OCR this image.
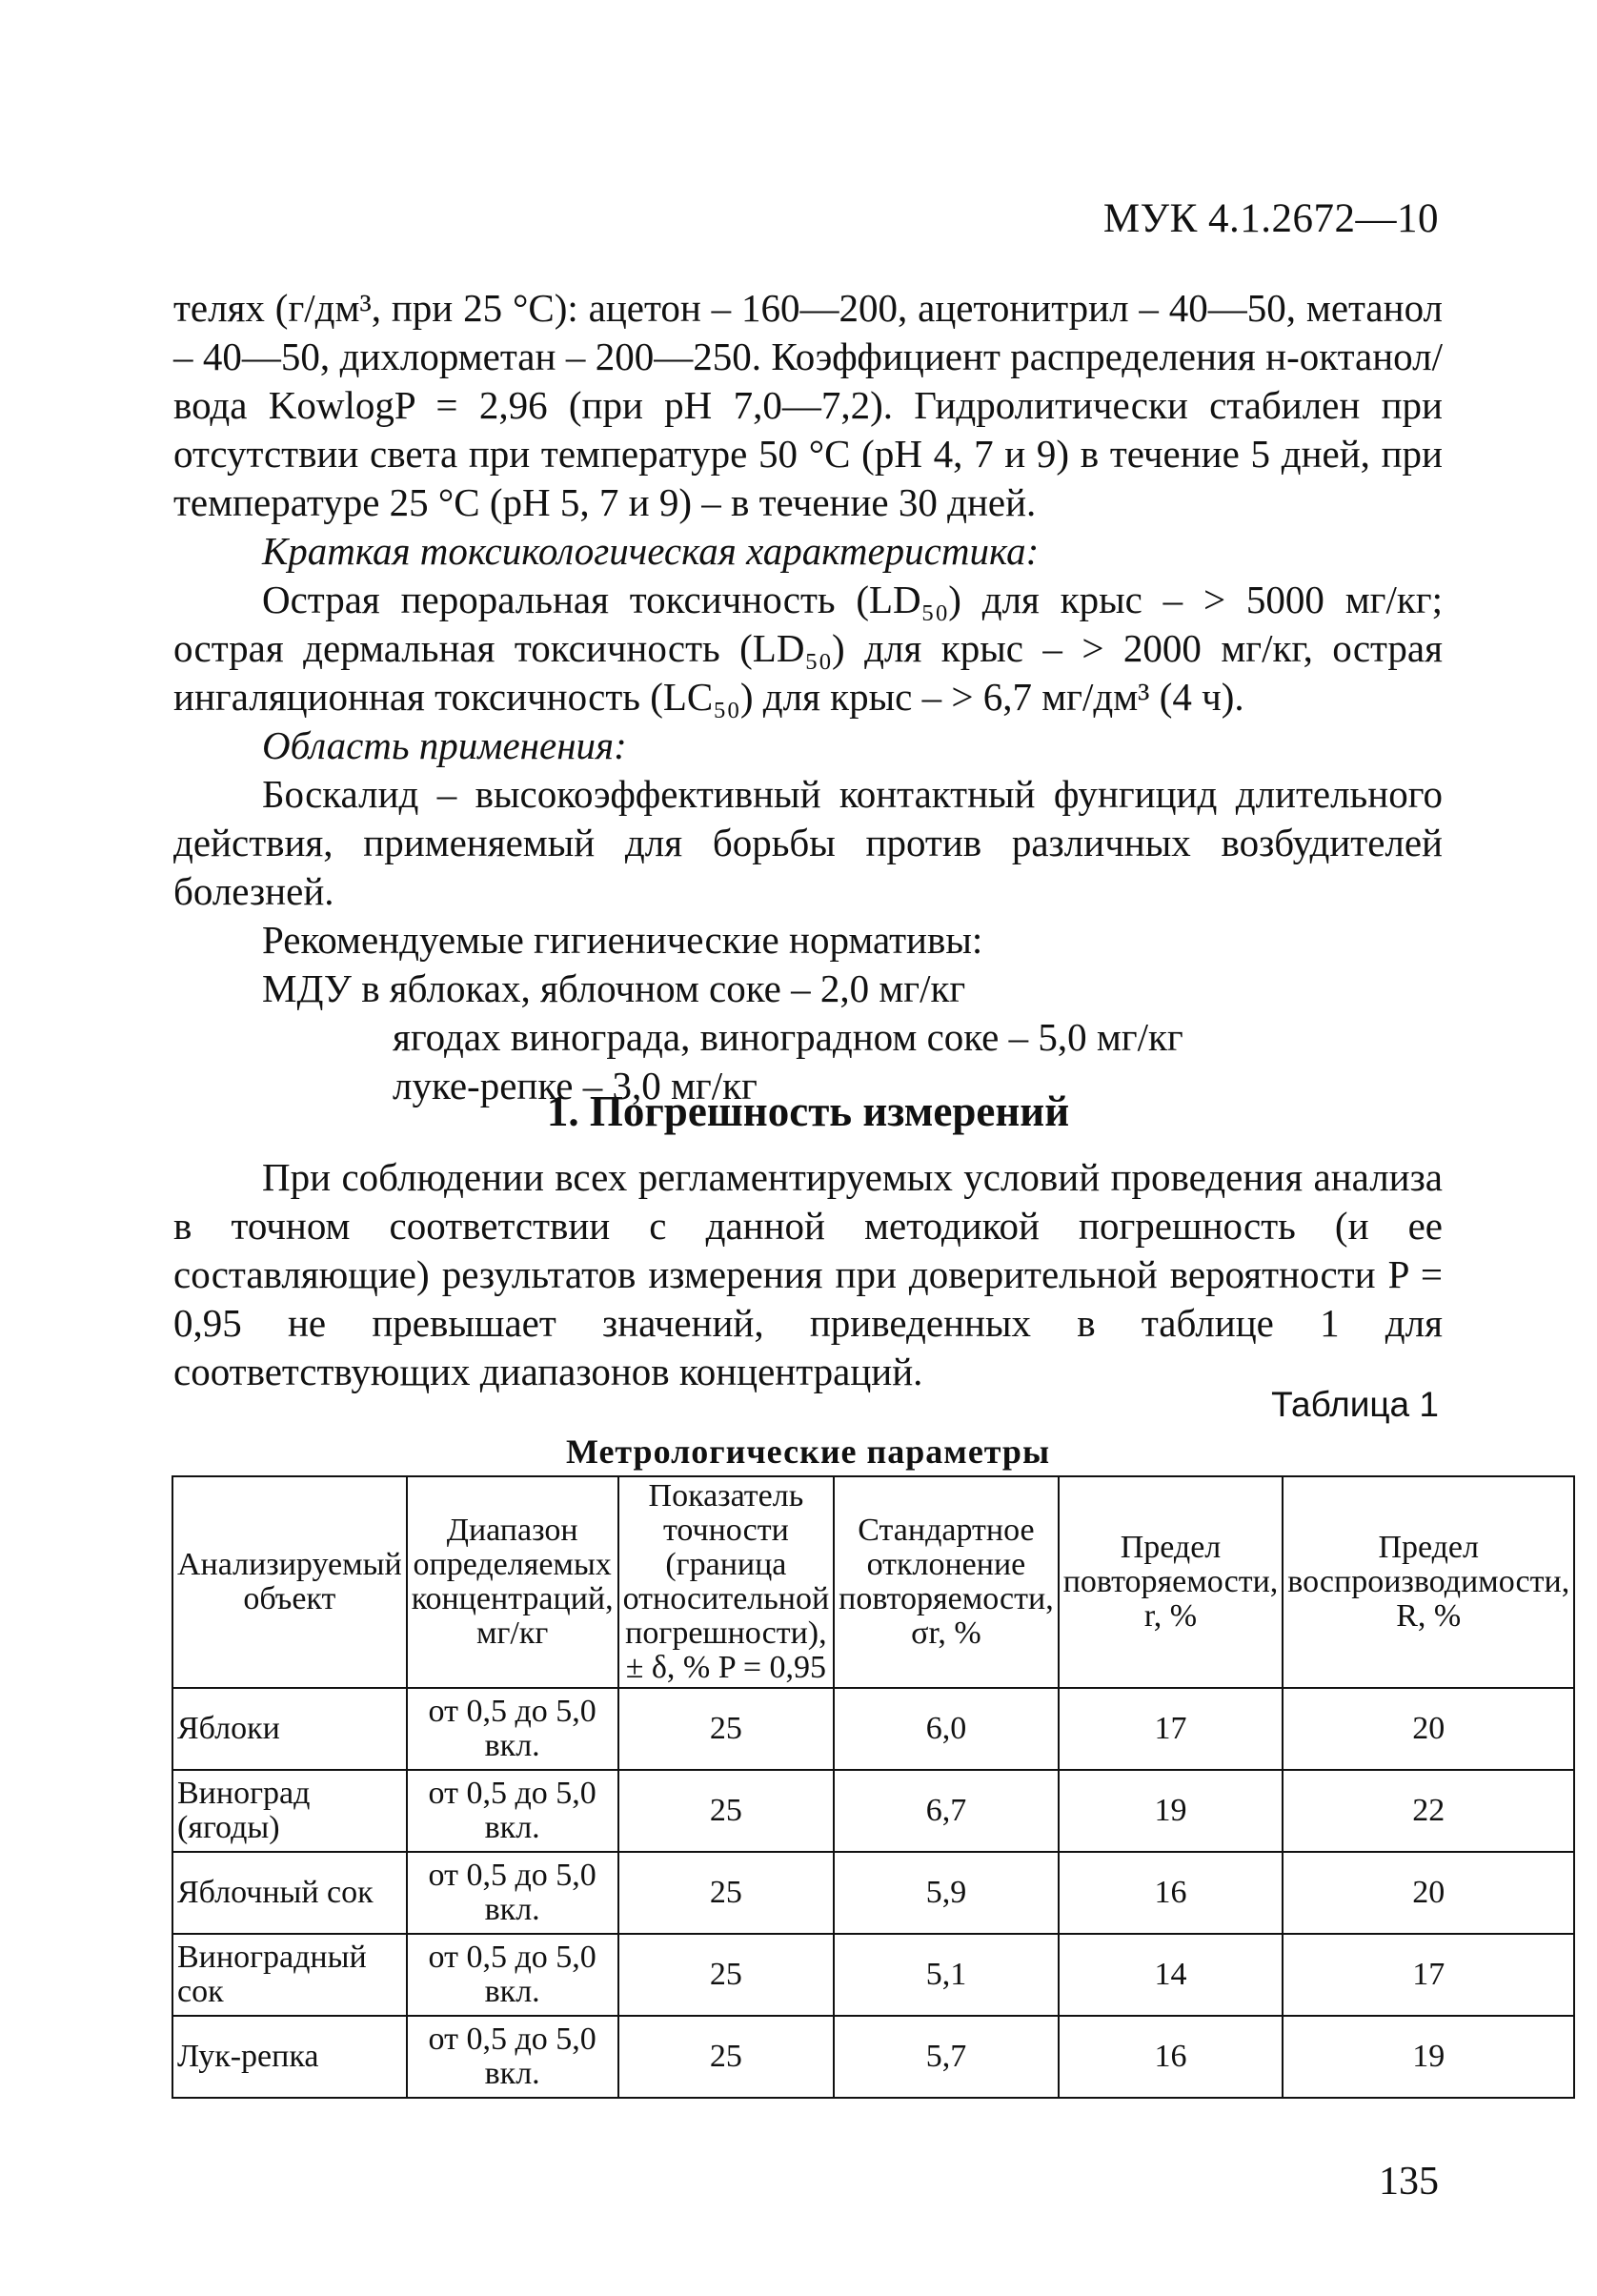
МУК 4.1.2672—10

телях (г/дм³, при 25 °С): ацетон – 160—200, ацетонитрил – 40—50, метанол – 40—50, дихлорметан – 200—250. Коэффициент распределения н-октанол/вода KowlogP = 2,96 (при pH 7,0—7,2). Гидролитически стабилен при отсутствии света при температуре 50 °С (pH 4, 7 и 9) в течение 5 дней, при температуре 25 °С (pH 5, 7 и 9) – в течение 30 дней.

Краткая токсикологическая характеристика:

Острая пероральная токсичность (LD₅₀) для крыс – > 5000 мг/кг; острая дермальная токсичность (LD₅₀) для крыс – > 2000 мг/кг, острая ингаляционная токсичность (LC₅₀) для крыс – > 6,7 мг/дм³ (4 ч).

Область применения:

Боскалид – высокоэффективный контактный фунгицид длительного действия, применяемый для борьбы против различных возбудителей болезней.

Рекомендуемые гигиенические нормативы:

МДУ в яблоках, яблочном соке – 2,0 мг/кг
ягодах винограда, виноградном соке – 5,0 мг/кг
луке-репке – 3,0 мг/кг
1. Погрешность измерений

При соблюдении всех регламентируемых условий проведения анализа в точном соответствии с данной методикой погрешность (и ее составляющие) результатов измерения при доверительной вероятности P = 0,95 не превышает значений, приведенных в таблице 1 для соответствующих диапазонов концентраций.

Таблица 1
Метрологические параметры
Анализируемый объект	Диапазон определяемых концентраций, мг/кг	Показатель точности (граница относительной погрешности), ± δ, % P = 0,95	Стандартное отклонение повторяемости, σr, %	Предел повторяемости, r, %	Предел воспроизводимости, R, %
Яблоки	от 0,5 до 5,0 вкл.	25	6,0	17	20
Виноград (ягоды)	от 0,5 до 5,0 вкл.	25	6,7	19	22
Яблочный сок	от 0,5 до 5,0 вкл.	25	5,9	16	20
Виноградный сок	от 0,5 до 5,0 вкл.	25	5,1	14	17
Лук-репка	от 0,5 до 5,0 вкл.	25	5,7	16	19
135
